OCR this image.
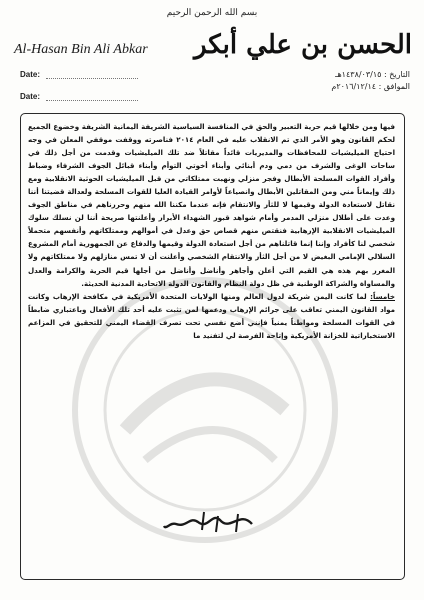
بسم الله الرحمن الرحيم
Al-Hasan Bin Ali Abkar الحسن بن علي أبكر
Date:
Date:
التاريخ : ١٤٣٨/٠٣/١٥هـ
الموافق : ٢٠١٦/١٢/١٤م

فيها ومن خلالها قيم حرية التعبير والحق في المنافسة السياسية الشريفة اليمانية الشريفة وخضوع الجميع لحكم القانون وهو الأمر الذي تم الانقلاب عليه في العام ٢٠١٤ فناصرته ووقفت موقفي المعلن في وجه احتياج الميليشيات للمحافظات والمديريات قائداً مقاتلاً ضد تلك الميليشيات وقدمت من أجل ذلك في ساحات الوغى والشرف من دمي ودم أبنائي وأبناء أخوتي التوأم وأبناء قبائل الجوف الشرفاء وضباط وأفراد القوات المسلحة الأبطال وفجر منزلي ونهبت ممتلكاتي من قبل الميليشيات الحوثية الانقلابية ومع ذلك وإيماناً مني ومن المقاتلين الأبطال وانصياعاً لأوامر القيادة العليا للقوات المسلحة ولعدالة قضيتنا أننا نقاتل لاستعادة الدولة وقيمها لا للثأر والانتقام فإنه عندما مكننا الله منهم وحررناهم في مناطق الجوف وعدت على أطلال منزلي المدمر وأمام شواهد قبور الشهداء الأبرار وأعلنتها صريحة أننا لن نسلك سلوك الميليشيات الانقلابية الإرهابية فنقتص منهم قصاص حق وعدل في أموالهم وممتلكاتهم وأنفسهم متحملاً شخصي لنا كأفراد وإننا إنما قاتلناهم من أجل استعادة الدولة وقيمها والدفاع عن الجمهورية أمام المشروع السلالي الإمامي البغيض لا من أجل الثأر والانتقام الشخصي وأعلنت أن لا تمس منازلهم ولا ممتلكاتهم ولا المغرر بهم هذه هي القيم التي أعلن وأجاهر وأناضل وأناضل من أجلها قيم الحرية والكرامة والعدل والمساواة والشراكة الوطنية في ظل دولة النظام والقانون الدولة الاتحادية المدنية الحديثة.

خامساً: لما كانت اليمن شريكة لدول العالم ومنها الولايات المتحدة الأمريكية في مكافحة الإرهاب وكانت مواد القانون اليمني تعاقب على جرائم الإرهاب ودعمها لمن تثبت عليه أحد تلك الأفعال وباعتباري ضابطاً في القوات المسلحة ومواطناً يمنياً فإنني أضع نفسي تحت تصرف القضاء اليمني للتحقيق في المزاعم الاستخباراتية للخزانة الأمريكية وإتاحة الفرصة لي لتفنيد ما
